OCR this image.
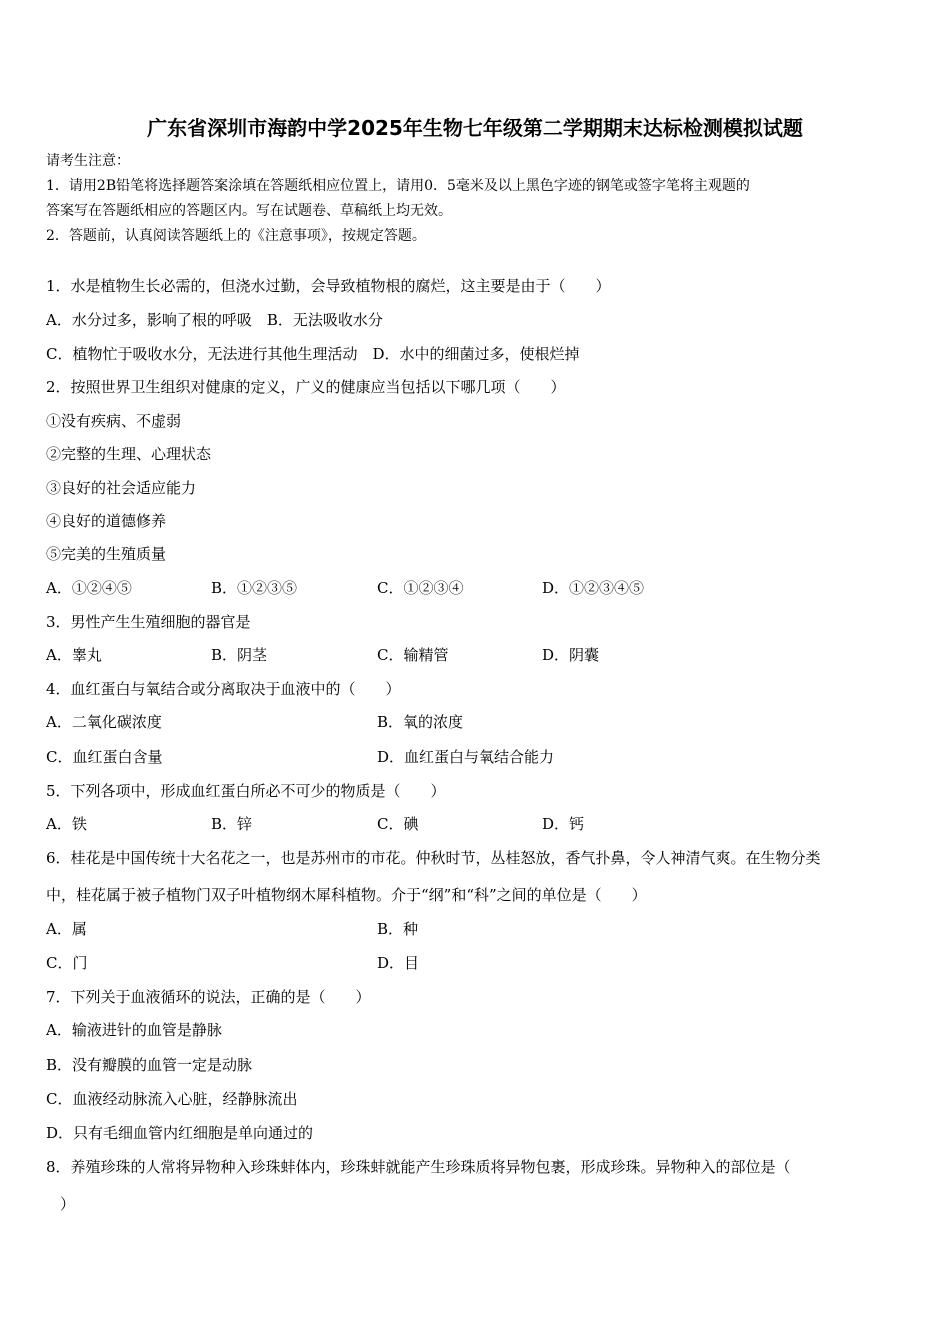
广东省深圳市海韵中学2025年生物七年级第二学期期末达标检测模拟试题
请考生注意：
1．请用2B铅笔将选择题答案涂填在答题纸相应位置上，请用0．5毫米及以上黑色字迹的钢笔或签字笔将主观题的
答案写在答题纸相应的答题区内。写在试题卷、草稿纸上均无效。
2．答题前，认真阅读答题纸上的《注意事项》，按规定答题。
1．水是植物生长必需的，但浇水过勤，会导致植物根的腐烂，这主要是由于（　　）
A．水分过多，影响了根的呼吸　B．无法吸收水分
C．植物忙于吸收水分，无法进行其他生理活动　D．水中的细菌过多，使根烂掉
2．按照世界卫生组织对健康的定义，广义的健康应当包括以下哪几项（　　）
①没有疾病、不虚弱
②完整的生理、心理状态
③良好的社会适应能力
④良好的道德修养
⑤完美的生殖质量
A．①②④⑤	B．①②③⑤	C．①②③④	D．①②③④⑤
3．男性产生生殖细胞的器官是
A．睾丸	B．阴茎	C．输精管	D．阴囊
4．血红蛋白与氧结合或分离取决于血液中的（　　）
A．二氧化碳浓度	B．氧的浓度
C．血红蛋白含量	D．血红蛋白与氧结合能力
5．下列各项中，形成血红蛋白所必不可少的物质是（　　）
A．铁	B．锌	C．碘	D．钙
6．桂花是中国传统十大名花之一，也是苏州市的市花。仲秋时节，丛桂怒放，香气扑鼻，令人神清气爽。在生物分类
中，桂花属于被子植物门双子叶植物纲木犀科植物。介于“纲”和“科”之间的单位是（　　）
A．属	B．种
C．门	D．目
7．下列关于血液循环的说法，正确的是（　　）
A．输液进针的血管是静脉
B．没有瓣膜的血管一定是动脉
C．血液经动脉流入心脏，经静脉流出
D．只有毛细血管内红细胞是单向通过的
8．养殖珍珠的人常将异物种入珍珠蚌体内，珍珠蚌就能产生珍珠质将异物包裹，形成珍珠。异物种入的部位是（
）
